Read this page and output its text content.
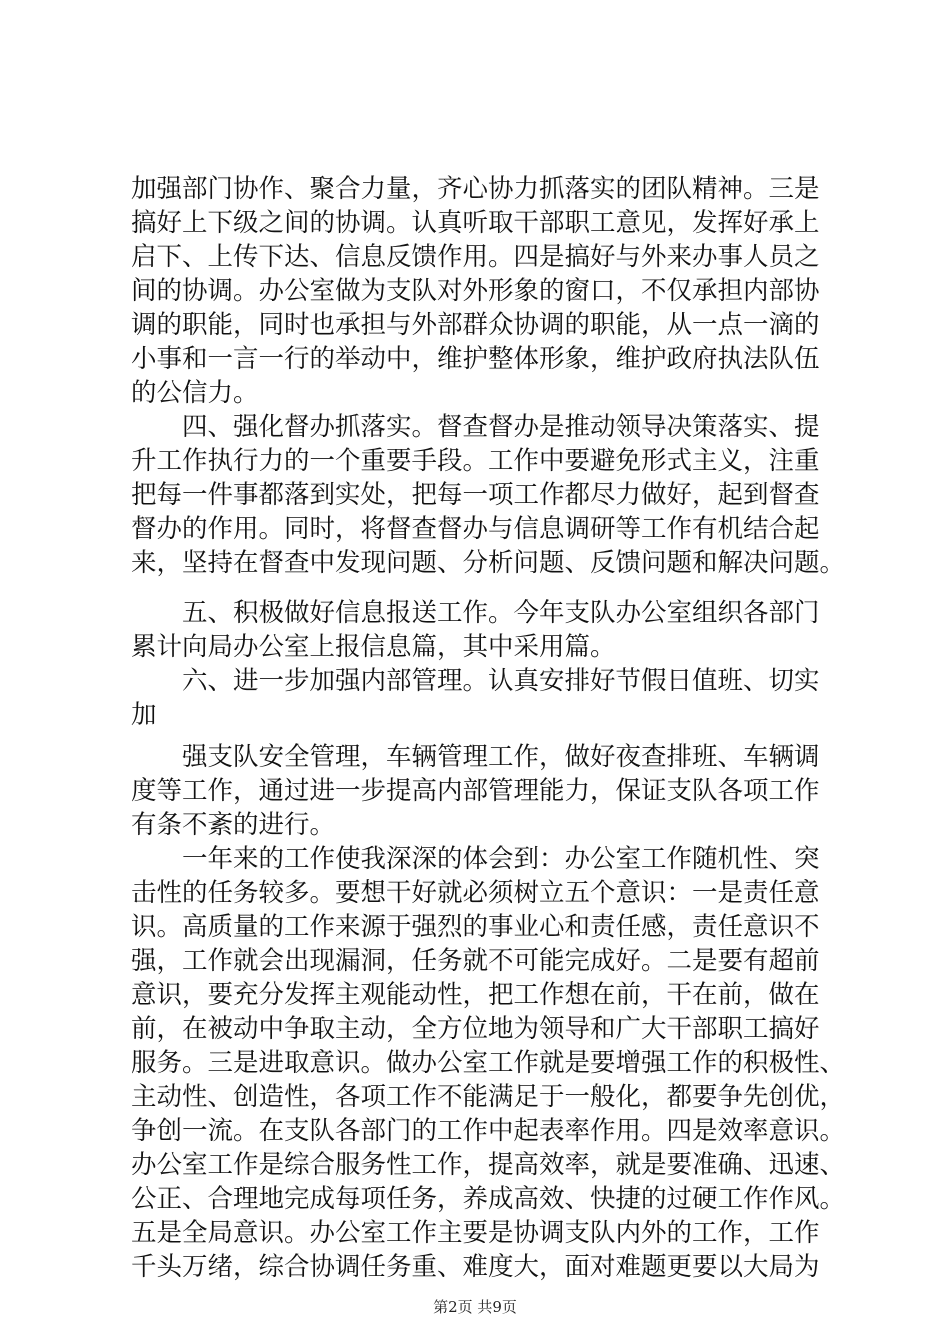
加强部门协作、聚合力量，齐心协力抓落实的团队精神。三是
搞好上下级之间的协调。认真听取干部职工意见，发挥好承上
启下、上传下达、信息反馈作用。四是搞好与外来办事人员之
间的协调。办公室做为支队对外形象的窗口，不仅承担内部协
调的职能，同时也承担与外部群众协调的职能，从一点一滴的
小事和一言一行的举动中，维护整体形象，维护政府执法队伍
的公信力。
　　四、强化督办抓落实。督查督办是推动领导决策落实、提
升工作执行力的一个重要手段。工作中要避免形式主义，注重
把每一件事都落到实处，把每一项工作都尽力做好，起到督查
督办的作用。同时，将督查督办与信息调研等工作有机结合起
来，坚持在督查中发现问题、分析问题、反馈问题和解决问题。
　　五、积极做好信息报送工作。今年支队办公室组织各部门
累计向局办公室上报信息篇，其中采用篇。
　　六、进一步加强内部管理。认真安排好节假日值班、切实
加
　　强支队安全管理，车辆管理工作，做好夜查排班、车辆调
度等工作，通过进一步提高内部管理能力，保证支队各项工作
有条不紊的进行。
　　一年来的工作使我深深的体会到：办公室工作随机性、突
击性的任务较多。要想干好就必须树立五个意识：一是责任意
识。高质量的工作来源于强烈的事业心和责任感，责任意识不
强，工作就会出现漏洞，任务就不可能完成好。二是要有超前
意识，要充分发挥主观能动性，把工作想在前，干在前，做在
前，在被动中争取主动，全方位地为领导和广大干部职工搞好
服务。三是进取意识。做办公室工作就是要增强工作的积极性、
主动性、创造性，各项工作不能满足于一般化，都要争先创优，
争创一流。在支队各部门的工作中起表率作用。四是效率意识。
办公室工作是综合服务性工作，提高效率，就是要准确、迅速、
公正、合理地完成每项任务，养成高效、快捷的过硬工作作风。
五是全局意识。办公室工作主要是协调支队内外的工作，工作
千头万绪，综合协调任务重、难度大，面对难题更要以大局为
第2页 共9页
